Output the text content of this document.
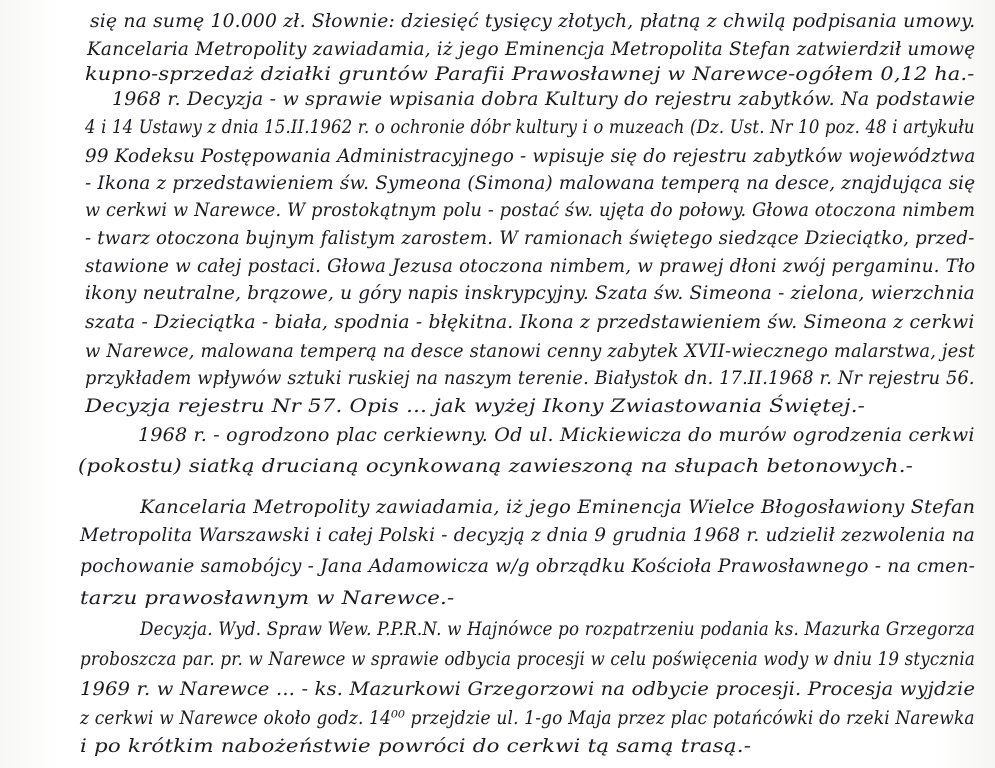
się na sumę 10.000 zł. Słownie: dziesięć tysięcy złotych, płatną z chwilą podpisania umowy.
Kancelaria Metropolity zawiadamia, iż jego Eminencja Metropolita Stefan zatwierdził umowę
kupno-sprzedaż działki gruntów Parafii Prawosławnej w Narewce-ogółem 0,12 ha.-
1968 r. Decyzja - w sprawie wpisania dobra Kultury do rejestru zabytków. Na podstawie
4 i 14 Ustawy z dnia 15.II.1962 r. o ochronie dóbr kultury i o muzeach (Dz. Ust. Nr 10 poz. 48 i artykułu
99 Kodeksu Postępowania Administracyjnego - wpisuje się do rejestru zabytków województwa
- Ikona z przedstawieniem św. Symeona (Simona) malowana temperą na desce, znajdująca się
w cerkwi w Narewce. W prostokątnym polu - postać św. ujęta do połowy. Głowa otoczona nimbem
- twarz otoczona bujnym falistym zarostem. W ramionach świętego siedzące Dzieciątko, przed-
stawione w całej postaci. Głowa Jezusa otoczona nimbem, w prawej dłoni zwój pergaminu. Tło
ikony neutralne, brązowe, u góry napis inskrypcyjny. Szata św. Simeona - zielona, wierzchnia
szata - Dzieciątka - biała, spodnia - błękitna. Ikona z przedstawieniem św. Simeona z cerkwi
w Narewce, malowana temperą na desce stanowi cenny zabytek XVII-wiecznego malarstwa, jest
przykładem wpływów sztuki ruskiej na naszym terenie. Białystok dn. 17.II.1968 r. Nr rejestru 56.
Decyzja rejestru Nr 57. Opis ... jak wyżej Ikony Zwiastowania Świętej.-
1968 r. - ogrodzono plac cerkiewny. Od ul. Mickiewicza do murów ogrodzenia cerkwi
(pokostu) siatką drucianą ocynkowaną zawieszoną na słupach betonowych.-
Kancelaria Metropolity zawiadamia, iż jego Eminencja Wielce Błogosławiony Stefan
Metropolita Warszawski i całej Polski - decyzją z dnia 9 grudnia 1968 r. udzielił zezwolenia na
pochowanie samobójcy - Jana Adamowicza w/g obrządku Kościoła Prawosławnego - na cmen-
tarzu prawosławnym w Narewce.-
Decyzja. Wyd. Spraw Wew. P.P.R.N. w Hajnówce po rozpatrzeniu podania ks. Mazurka Grzegorza
proboszcza par. pr. w Narewce w sprawie odbycia procesji w celu poświęcenia wody w dniu 19 stycznia
1969 r. w Narewce ... - ks. Mazurkowi Grzegorzowi na odbycie procesji. Procesja wyjdzie
z cerkwi w Narewce około godz. 14⁰⁰ przejdzie ul. 1-go Maja przez plac potańcówki do rzeki Narewka
i po krótkim nabożeństwie powróci do cerkwi tą samą trasą.-
